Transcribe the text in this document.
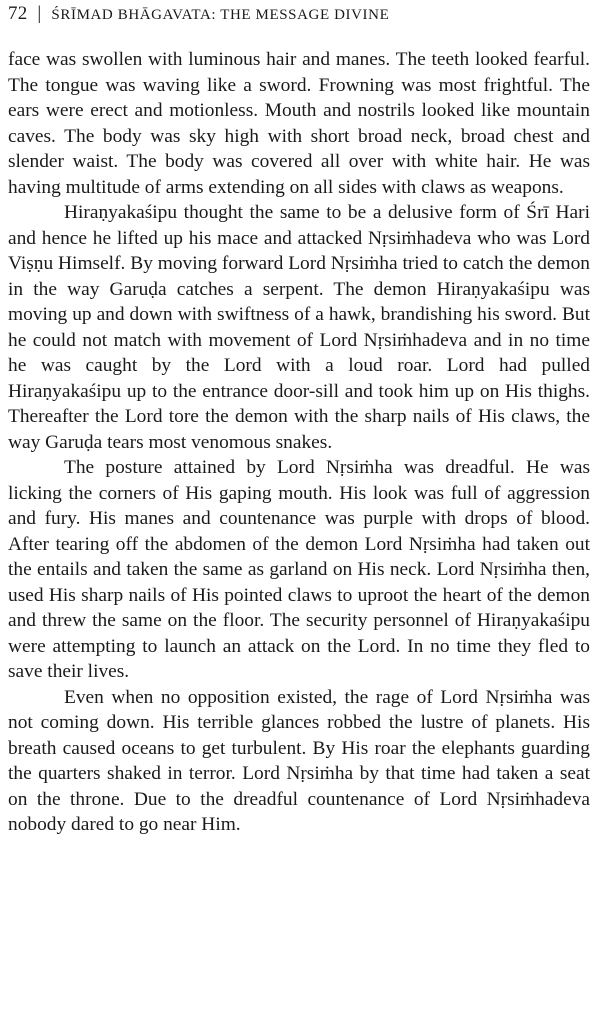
72 | ŚRĪMAD BHĀGAVATA: THE MESSAGE DIVINE

face was swollen with luminous hair and manes. The teeth looked fearful. The tongue was waving like a sword. Frowning was most frightful. The ears were erect and motionless. Mouth and nostrils looked like mountain caves. The body was sky high with short broad neck, broad chest and slender waist. The body was covered all over with white hair. He was having multitude of arms extending on all sides with claws as weapons.

Hiraṇyakaśipu thought the same to be a delusive form of Śrī Hari and hence he lifted up his mace and attacked Nṛsiṁhadeva who was Lord Viṣṇu Himself. By moving forward Lord Nṛsiṁha tried to catch the demon in the way Garuḍa catches a serpent. The demon Hiraṇyakaśipu was moving up and down with swiftness of a hawk, brandishing his sword. But he could not match with movement of Lord Nṛsiṁhadeva and in no time he was caught by the Lord with a loud roar. Lord had pulled Hiraṇyakaśipu up to the entrance door-sill and took him up on His thighs. Thereafter the Lord tore the demon with the sharp nails of His claws, the way Garuḍa tears most venomous snakes.

The posture attained by Lord Nṛsiṁha was dreadful. He was licking the corners of His gaping mouth. His look was full of aggression and fury. His manes and countenance was purple with drops of blood. After tearing off the abdomen of the demon Lord Nṛsiṁha had taken out the entails and taken the same as garland on His neck. Lord Nṛsiṁha then, used His sharp nails of His pointed claws to uproot the heart of the demon and threw the same on the floor. The security personnel of Hiraṇyakaśipu were attempting to launch an attack on the Lord. In no time they fled to save their lives.

Even when no opposition existed, the rage of Lord Nṛsiṁha was not coming down. His terrible glances robbed the lustre of planets. His breath caused oceans to get turbulent. By His roar the elephants guarding the quarters shaked in terror. Lord Nṛsiṁha by that time had taken a seat on the throne. Due to the dreadful countenance of Lord Nṛsiṁhadeva nobody dared to go near Him.
